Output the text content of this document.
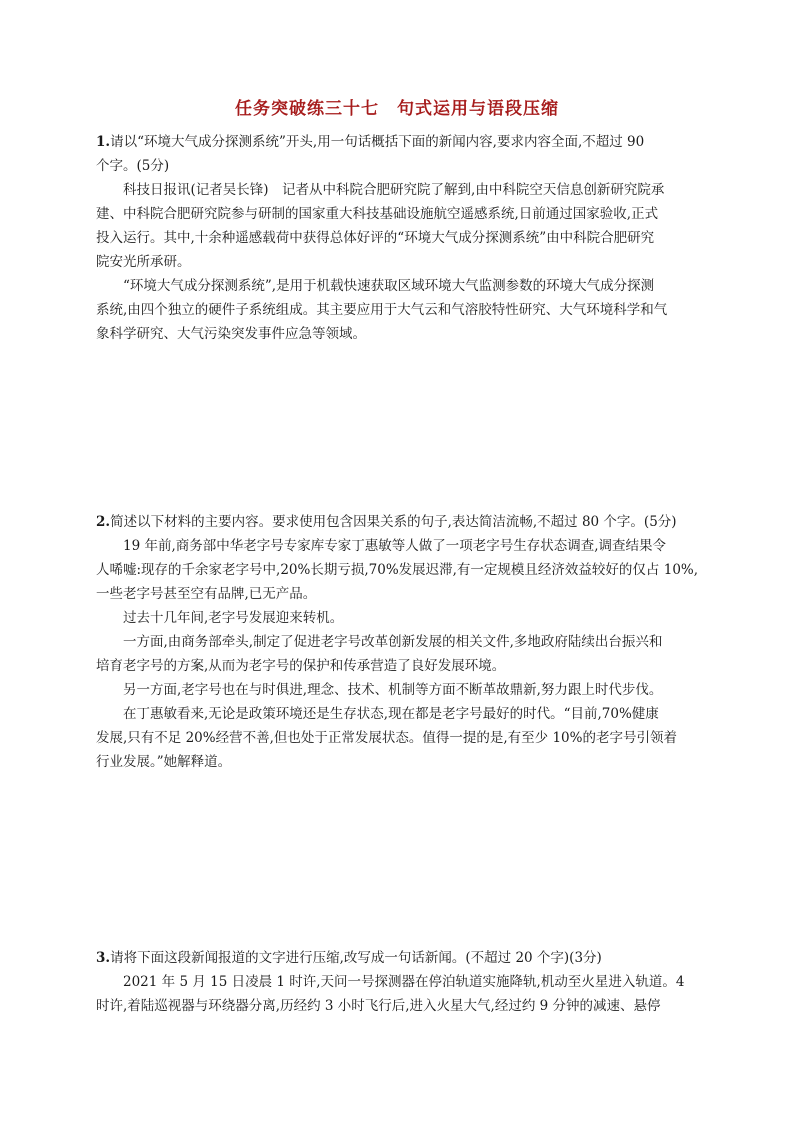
任务突破练三十七　句式运用与语段压缩
1.请以“环境大气成分探测系统”开头,用一句话概括下面的新闻内容,要求内容全面,不超过 90
个字。(5分)
科技日报讯(记者吴长锋)　记者从中科院合肥研究院了解到,由中科院空天信息创新研究院承
建、中科院合肥研究院参与研制的国家重大科技基础设施航空遥感系统,日前通过国家验收,正式
投入运行。其中,十余种遥感载荷中获得总体好评的“环境大气成分探测系统”由中科院合肥研究
院安光所承研。
“环境大气成分探测系统”,是用于机载快速获取区域环境大气监测参数的环境大气成分探测
系统,由四个独立的硬件子系统组成。其主要应用于大气云和气溶胶特性研究、大气环境科学和气
象科学研究、大气污染突发事件应急等领域。
2.简述以下材料的主要内容。要求使用包含因果关系的句子,表达简洁流畅,不超过 80 个字。(5分)
19 年前,商务部中华老字号专家库专家丁惠敏等人做了一项老字号生存状态调查,调查结果令
人唏嘘:现存的千余家老字号中,20%长期亏损,70%发展迟滞,有一定规模且经济效益较好的仅占 10%,
一些老字号甚至空有品牌,已无产品。
过去十几年间,老字号发展迎来转机。
一方面,由商务部牵头,制定了促进老字号改革创新发展的相关文件,多地政府陆续出台振兴和
培育老字号的方案,从而为老字号的保护和传承营造了良好发展环境。
另一方面,老字号也在与时俱进,理念、技术、机制等方面不断革故鼎新,努力跟上时代步伐。
在丁惠敏看来,无论是政策环境还是生存状态,现在都是老字号最好的时代。“目前,70%健康
发展,只有不足 20%经营不善,但也处于正常发展状态。值得一提的是,有至少 10%的老字号引领着
行业发展。”她解释道。
3.请将下面这段新闻报道的文字进行压缩,改写成一句话新闻。(不超过 20 个字)(3分)
2021 年 5 月 15 日凌晨 1 时许,天问一号探测器在停泊轨道实施降轨,机动至火星进入轨道。4
时许,着陆巡视器与环绕器分离,历经约 3 小时飞行后,进入火星大气,经过约 9 分钟的减速、悬停
